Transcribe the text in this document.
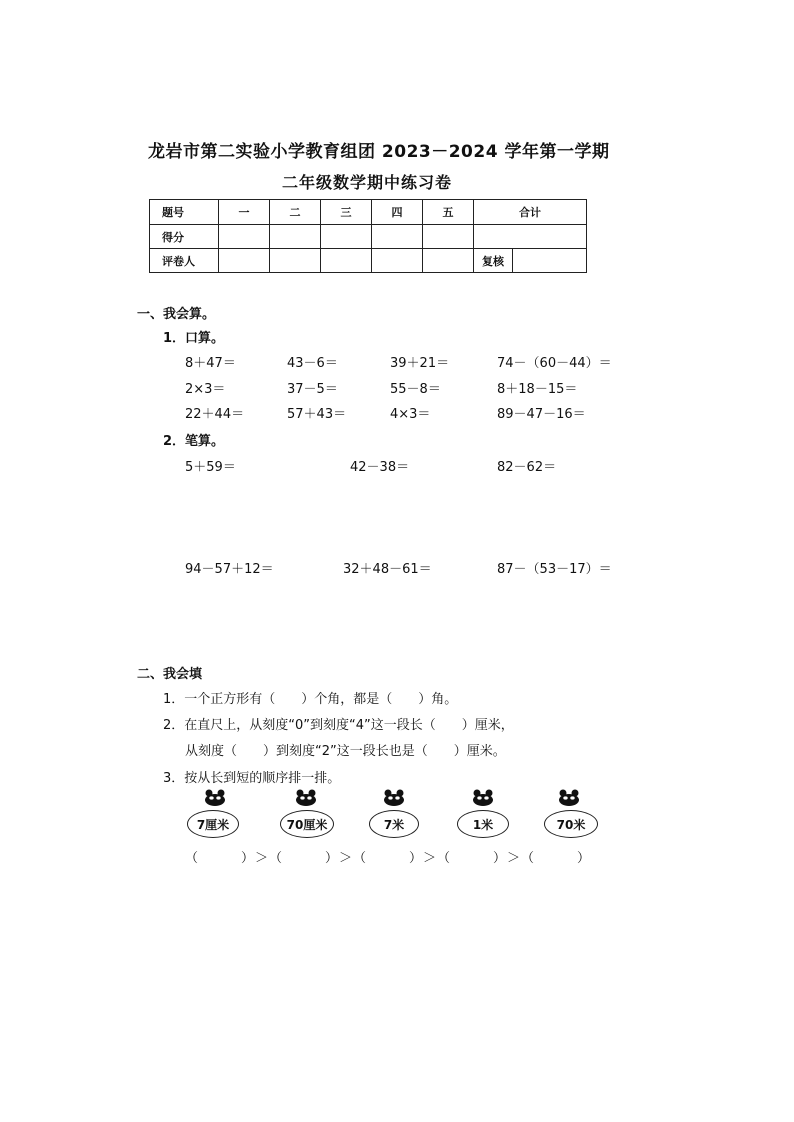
龙岩市第二实验小学教育组团 2023－2024 学年第一学期
二年级数学期中练习卷
题号	一	二	三	四	五	合计	
得分							
评卷人						复核	
一、我会算。
1．口算。
8＋47＝	43－6＝	39＋21＝	74－（60－44）＝
2×3＝	37－5＝	55－8＝	8＋18－15＝
22＋44＝	57＋43＝	4×3＝	89－47－16＝
2．笔算。
5＋59＝	42－38＝	82－62＝
94－57＋12＝	32＋48－61＝	87－（53－17）＝
二、我会填
1．一个正方形有（　　）个角，都是（　　）角。
2．在直尺上，从刻度“0”到刻度“4”这一段长（　　）厘米，
从刻度（　　）到刻度“2”这一段长也是（　　）厘米。
3．按从长到短的顺序排一排。
7厘米	70厘米	7米	1米	70米
（　　　）＞（　　　）＞（　　　）＞（　　　）＞（　　　）
